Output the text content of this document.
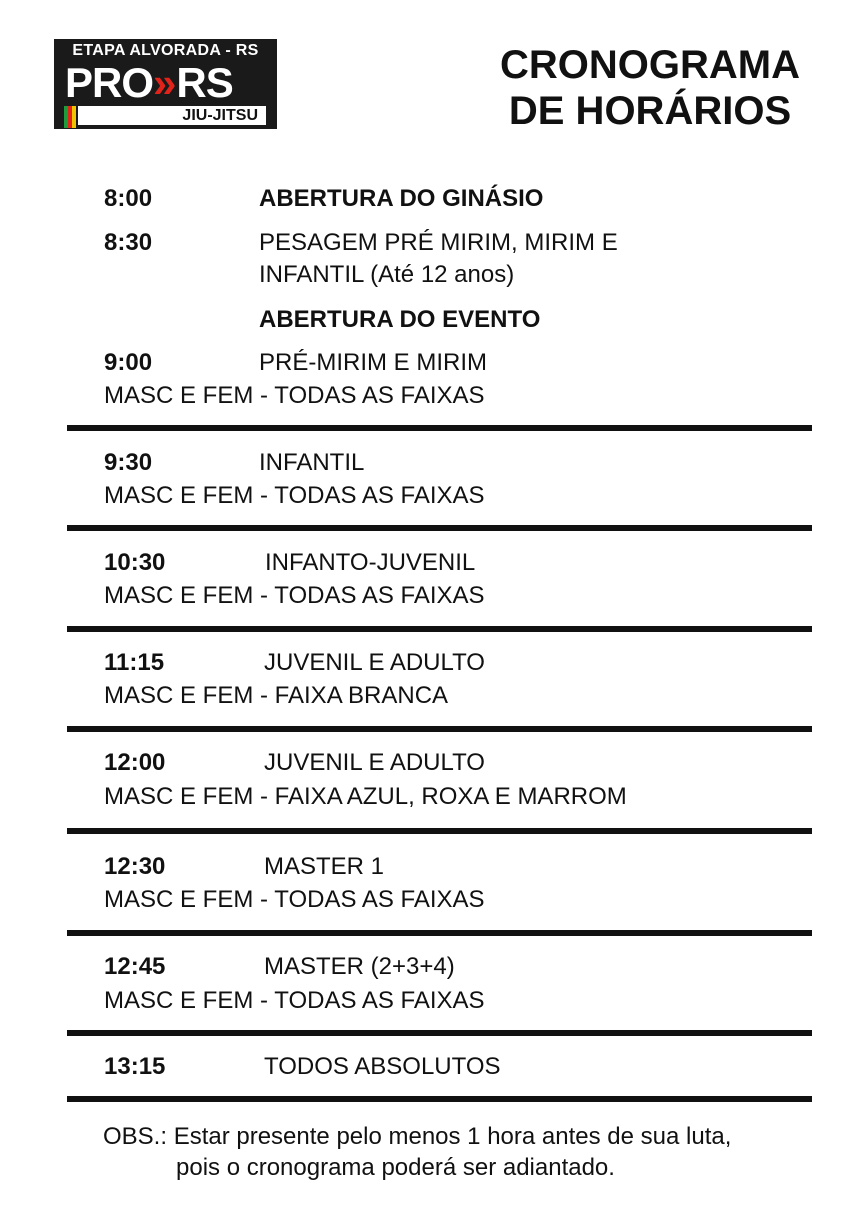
ETAPA ALVORADA - RS
PRO» RS
JIU-JITSU
CRONOGRAMA
DE HORÁRIOS
8:00	ABERTURA DO GINÁSIO
8:30	PESAGEM PRÉ MIRIM, MIRIM E
INFANTIL (Até 12 anos)
ABERTURA DO EVENTO
9:00	PRÉ-MIRIM E MIRIM
MASC E FEM - TODAS AS FAIXAS
9:30	INFANTIL
MASC E FEM - TODAS AS FAIXAS
10:30	INFANTO-JUVENIL
MASC E FEM - TODAS AS FAIXAS
11:15	JUVENIL E ADULTO
MASC E FEM - FAIXA BRANCA
12:00	JUVENIL E ADULTO
MASC E FEM - FAIXA AZUL, ROXA E MARROM
12:30	MASTER 1
MASC E FEM - TODAS AS FAIXAS
12:45	MASTER (2+3+4)
MASC E FEM - TODAS AS FAIXAS
13:15	TODOS ABSOLUTOS
OBS.: Estar presente pelo menos 1 hora antes de sua luta,
pois o cronograma poderá ser adiantado.
